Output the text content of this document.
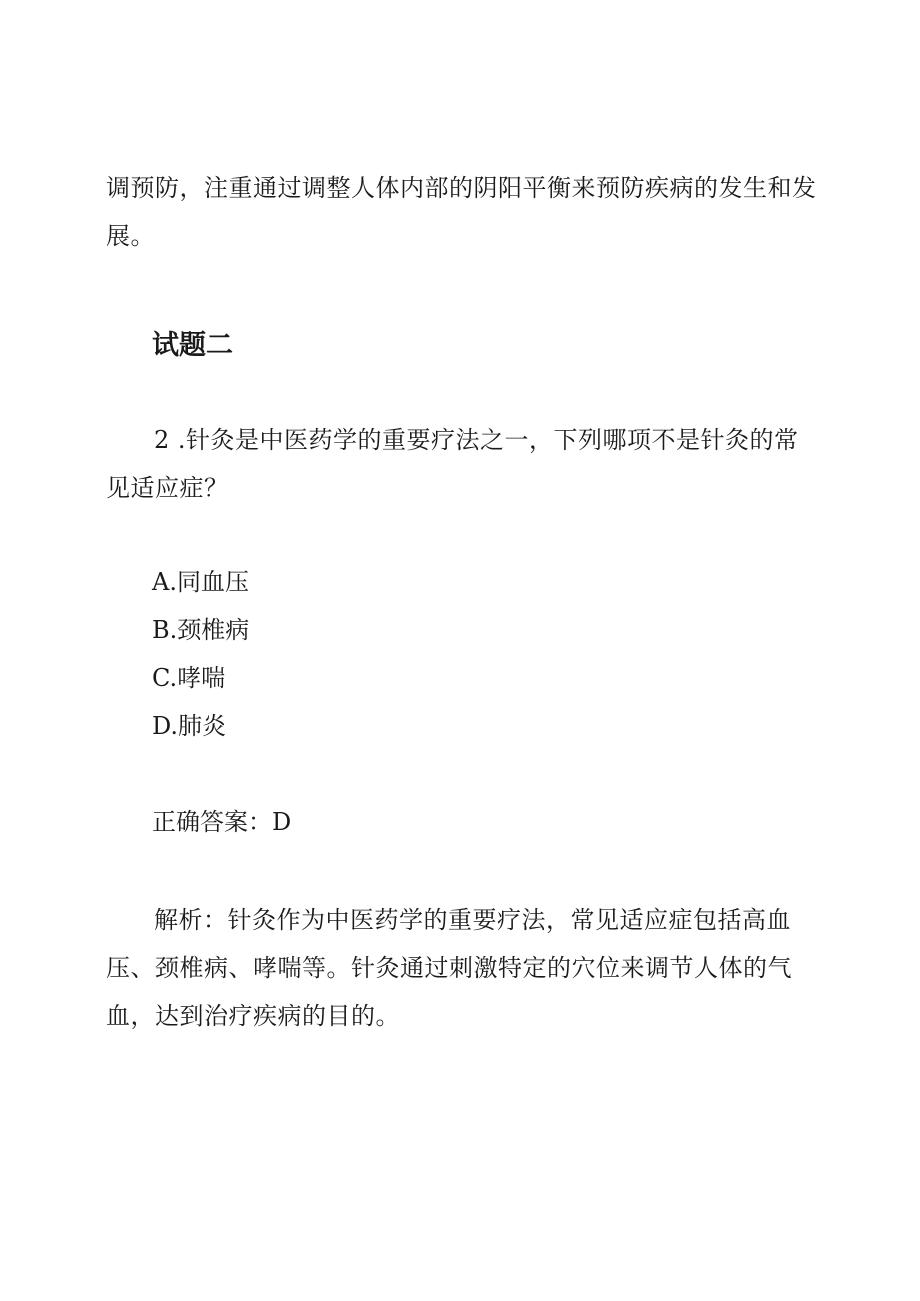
调预防，注重通过调整人体内部的阴阳平衡来预防疾病的发生和发展。

试题二

2 .针灸是中医药学的重要疗法之一，下列哪项不是针灸的常见适应症？

A.同血压

B.颈椎病

C.哮喘

D.肺炎

正确答案：D

解析：针灸作为中医药学的重要疗法，常见适应症包括高血压、颈椎病、哮喘等。针灸通过刺激特定的穴位来调节人体的气血，达到治疗疾病的目的。
